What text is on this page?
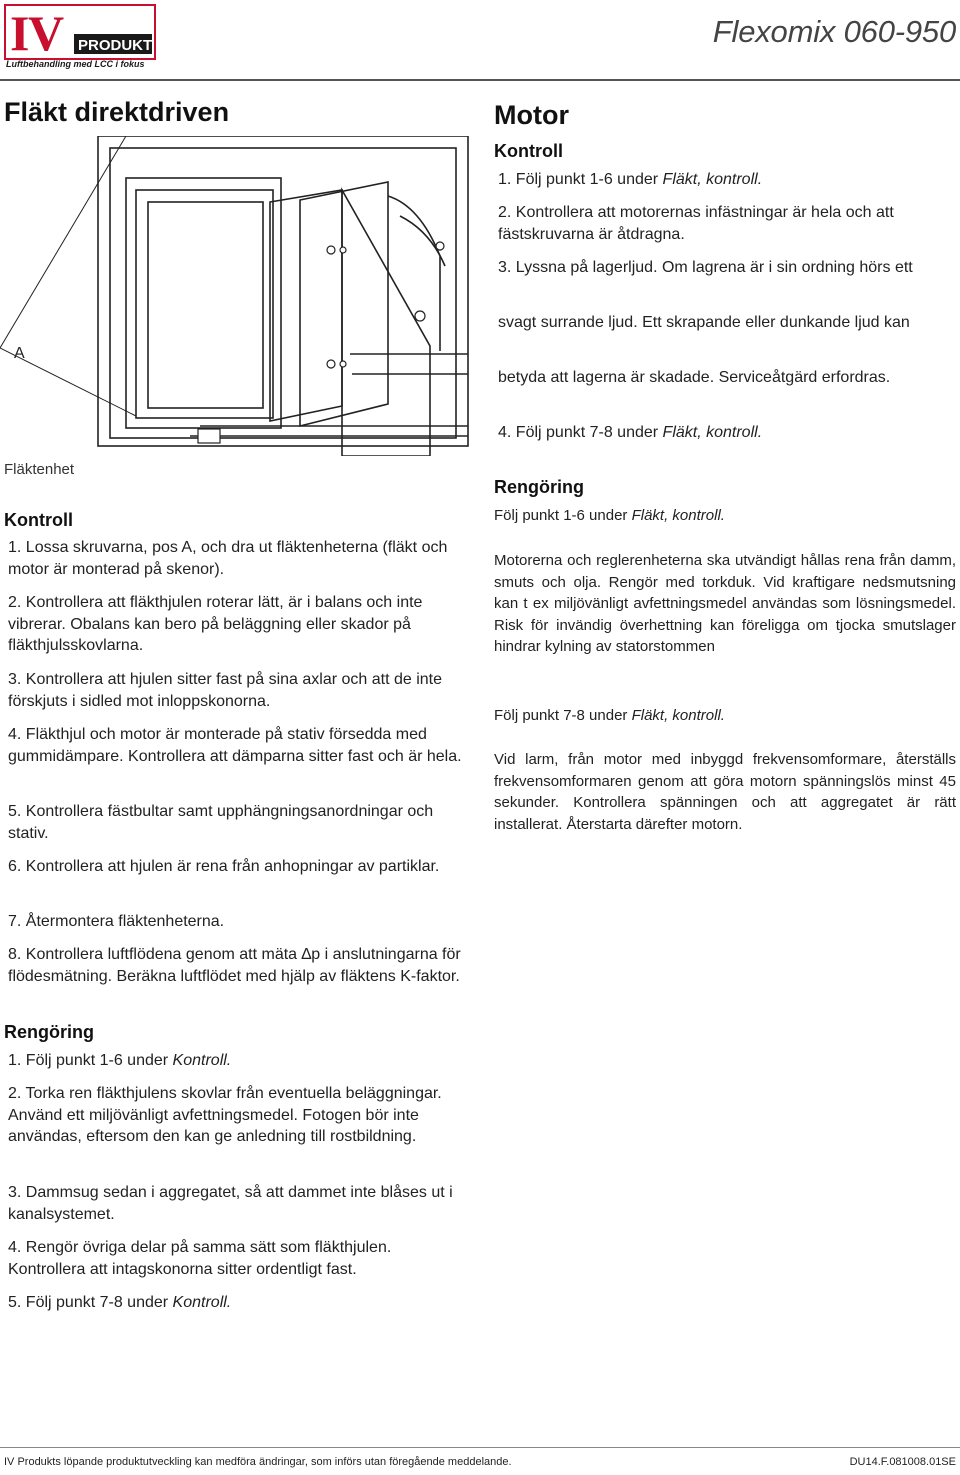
I
V PRODUKT
Luftbehandling med LCC i fokus
Flexomix 060-950
Fläkt direktdriven
A
Fläktenhet
Kontroll
1. Lossa skruvarna, pos A, och dra ut fläktenheterna (fläkt och motor är monterad på skenor).
2. Kontrollera att fläkthjulen roterar lätt, är i balans och inte vibrerar. Obalans kan bero på beläggning eller skador på fläkthjulsskovlarna.
3. Kontrollera att hjulen sitter fast på sina axlar och att de inte förskjuts i sidled mot inloppskonorna.
4. Fläkthjul och motor är monterade på stativ försedda med gummidämpare. Kontrollera att dämparna sitter fast och är hela.
5. Kontrollera fästbultar samt upphängningsanordningar och stativ.
6. Kontrollera att hjulen är rena från anhopningar av partiklar.
7. Återmontera fläktenheterna.
8. Kontrollera luftflödena genom att mäta ∆p i anslutningarna för flödesmätning. Beräkna luftflödet med hjälp av fläktens K-faktor.
Rengöring
1. Följ punkt 1-6 under Kontroll.
2. Torka ren fläkthjulens skovlar från eventuella beläggningar. Använd ett miljövänligt avfettningsmedel. Fotogen bör inte användas, eftersom den kan ge anledning till rostbildning.
3. Dammsug sedan i aggregatet, så att dammet inte blåses ut i kanalsystemet.
4. Rengör övriga delar på samma sätt som fläkthjulen. Kontrollera att intagskonorna sitter ordentligt fast.
5. Följ punkt 7-8 under Kontroll.
Motor
Kontroll
1. Följ punkt 1-6 under Fläkt, kontroll.
2. Kontrollera att motorernas infästningar är hela och att fästskruvarna är åtdragna.
3. Lyssna på lagerljud. Om lagrena är i sin ordning hörs ett
svagt surrande ljud. Ett skrapande eller dunkande ljud kan
betyda att lagerna är skadade. Serviceåtgärd erfordras.
4. Följ punkt 7-8 under Fläkt, kontroll.
Rengöring
Följ punkt 1-6 under Fläkt, kontroll.
Motorerna och reglerenheterna ska utvändigt hållas rena från damm, smuts och olja. Rengör med torkduk. Vid kraftigare nedsmutsning kan t ex miljövänligt avfettningsmedel användas som lösningsmedel. Risk för invändig överhettning kan föreligga om tjocka smutslager hindrar kylning av statorstommen
Följ punkt 7-8 under Fläkt, kontroll.
Vid larm, från motor med inbyggd frekvensomformare, återställs frekvensomformaren genom att göra motorn spänningslös minst 45 sekunder. Kontrollera spänningen och att aggregatet är rätt installerat. Återstarta därefter motorn.
IV Produkts löpande produktutveckling kan medföra ändringar, som införs utan föregående meddelande.	DU14.F.081008.01SE
